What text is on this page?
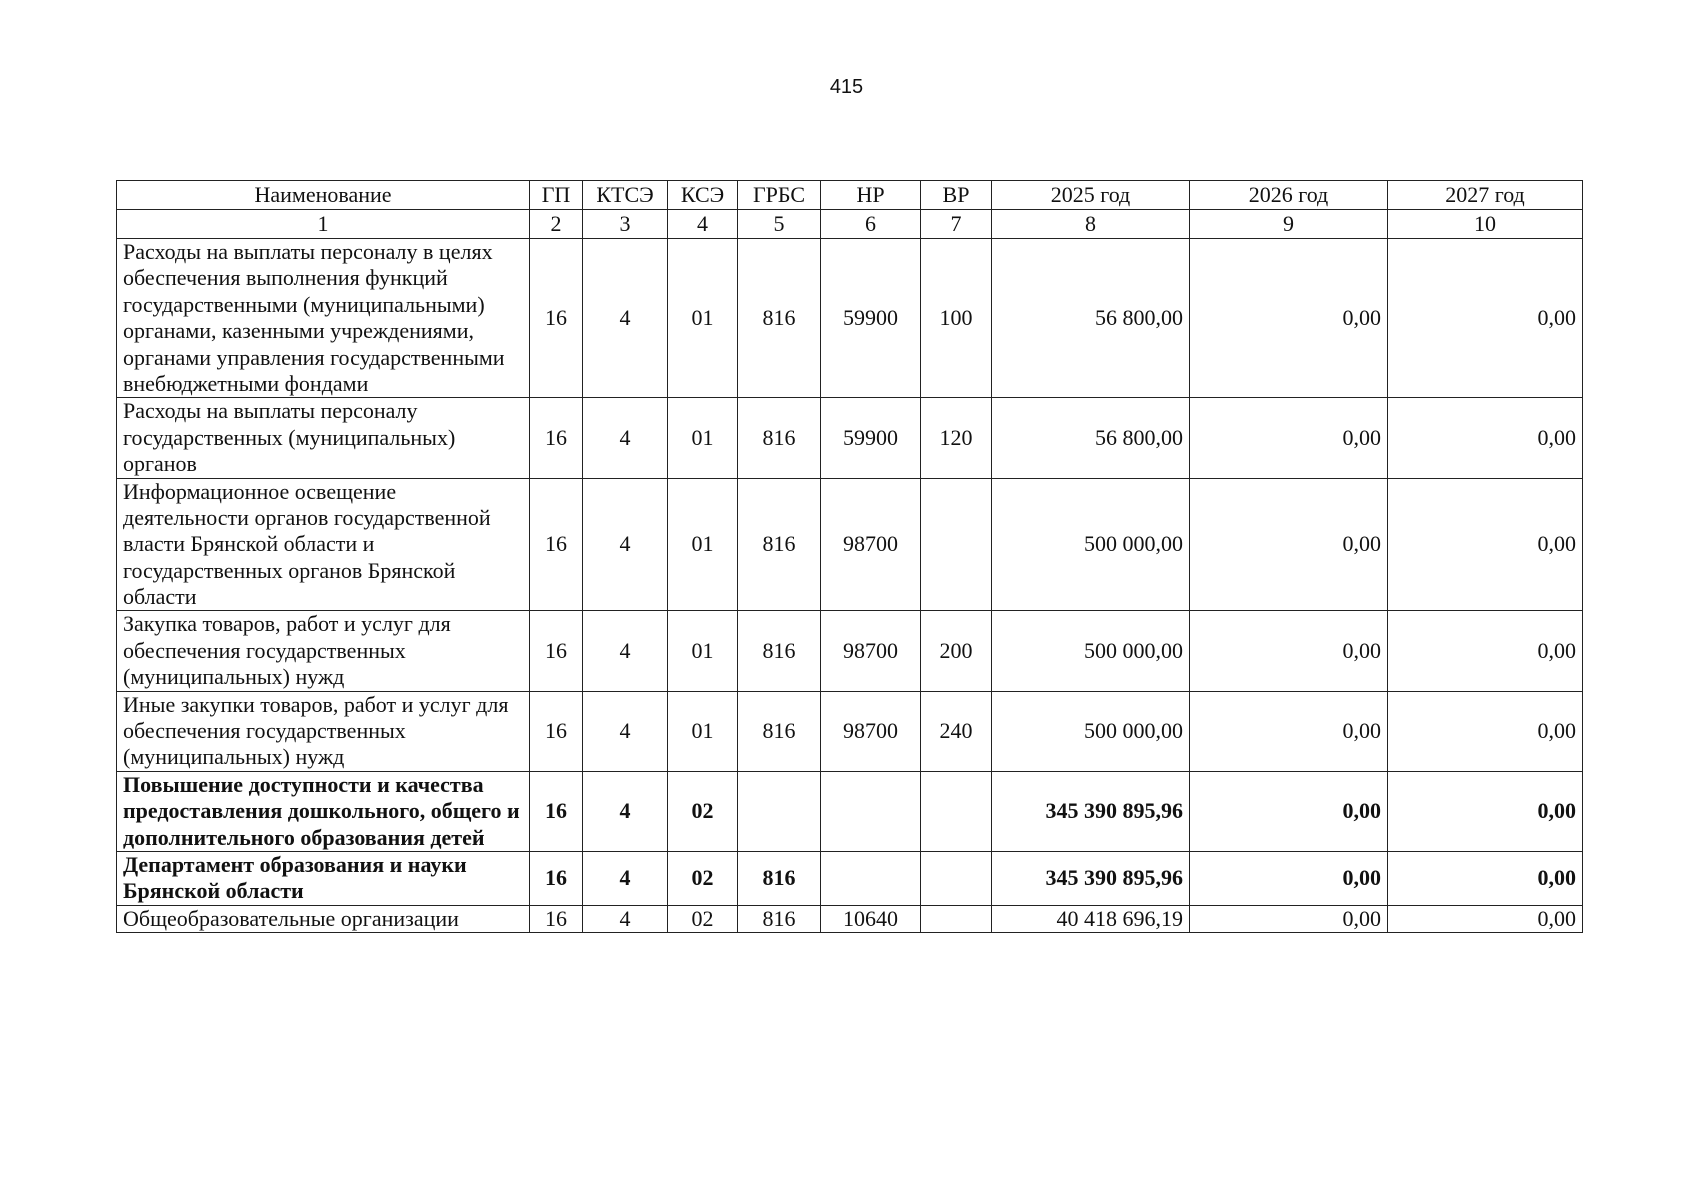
415
Наименование	ГП	КТСЭ	КСЭ	ГРБС	НР	ВР	2025 год	2026 год	2027 год
1	2	3	4	5	6	7	8	9	10
Расходы на выплаты персоналу в целях обеспечения выполнения функций государственными (муниципальными) органами, казенными учреждениями, органами управления государственными внебюджетными фондами	16	4	01	816	59900	100	56 800,00	0,00	0,00
Расходы на выплаты персоналу государственных (муниципальных) органов	16	4	01	816	59900	120	56 800,00	0,00	0,00
Информационное освещение деятельности органов государственной власти Брянской области и государственных органов Брянской области	16	4	01	816	98700		500 000,00	0,00	0,00
Закупка товаров, работ и услуг для обеспечения государственных (муниципальных) нужд	16	4	01	816	98700	200	500 000,00	0,00	0,00
Иные закупки товаров, работ и услуг для обеспечения государственных (муниципальных) нужд	16	4	01	816	98700	240	500 000,00	0,00	0,00
Повышение доступности и качества предоставления дошкольного, общего и дополнительного образования детей	16	4	02				345 390 895,96	0,00	0,00
Департамент образования и науки Брянской области	16	4	02	816			345 390 895,96	0,00	0,00
Общеобразовательные организации	16	4	02	816	10640		40 418 696,19	0,00	0,00
